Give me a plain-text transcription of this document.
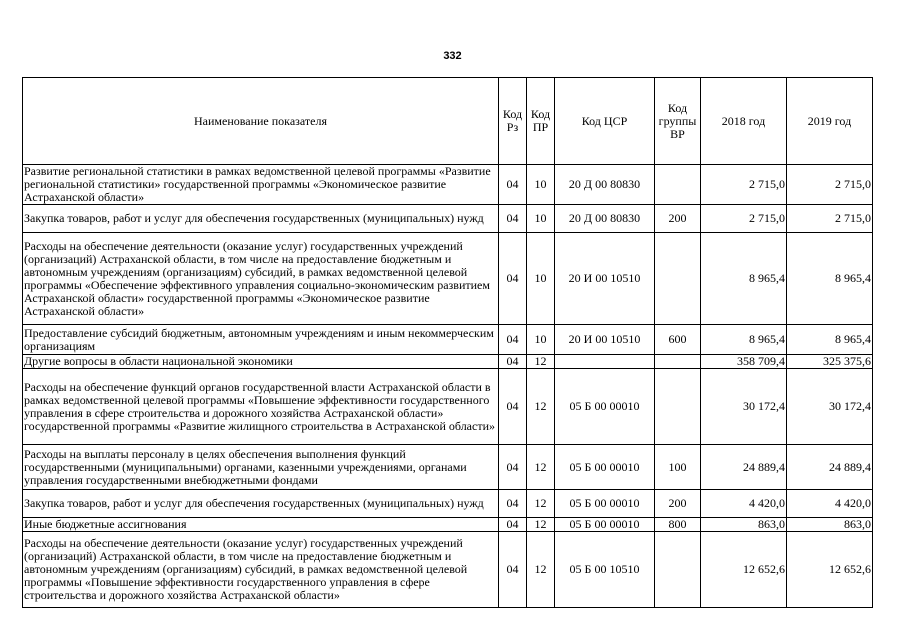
332
Наименование показателя	Код Рз	Код ПР	Код ЦСР	Код группы ВР	2018 год	2019 год
Развитие региональной статистики в рамках ведомственной целевой программы «Развитие региональной статистики» государственной программы «Экономическое развитие Астраханской области»	04	10	20 Д 00 80830		2 715,0	2 715,0
Закупка товаров, работ и услуг для обеспечения государственных (муниципальных) нужд	04	10	20 Д 00 80830	200	2 715,0	2 715,0
Расходы на обеспечение деятельности (оказание услуг) государственных учреждений (организаций) Астраханской области, в том числе на предоставление бюджетным и автономным учреждениям (организациям) субсидий, в рамках ведомственной целевой программы «Обеспечение эффективного управления социально-экономическим развитием Астраханской области» государственной программы «Экономическое развитие Астраханской области»	04	10	20 И 00 10510		8 965,4	8 965,4
Предоставление субсидий бюджетным, автономным учреждениям и иным некоммерческим организациям	04	10	20 И 00 10510	600	8 965,4	8 965,4
Другие вопросы в области национальной экономики	04	12			358 709,4	325 375,6
Расходы на обеспечение функций органов государственной власти Астраханской области в рамках ведомственной целевой программы «Повышение эффективности государственного управления в сфере строительства и дорожного хозяйства Астраханской области» государственной программы «Развитие жилищного строительства в Астраханской области»	04	12	05 Б 00 00010		30 172,4	30 172,4
Расходы на выплаты персоналу в целях обеспечения выполнения функций государственными (муниципальными) органами, казенными учреждениями, органами управления государственными внебюджетными фондами	04	12	05 Б 00 00010	100	24 889,4	24 889,4
Закупка товаров, работ и услуг для обеспечения государственных (муниципальных) нужд	04	12	05 Б 00 00010	200	4 420,0	4 420,0
Иные бюджетные ассигнования	04	12	05 Б 00 00010	800	863,0	863,0
Расходы на обеспечение деятельности (оказание услуг) государственных учреждений (организаций) Астраханской области, в том числе на предоставление бюджетным и автономным учреждениям (организациям) субсидий, в рамках ведомственной целевой программы «Повышение эффективности государственного управления в сфере строительства и дорожного хозяйства Астраханской области»	04	12	05 Б 00 10510		12 652,6	12 652,6
